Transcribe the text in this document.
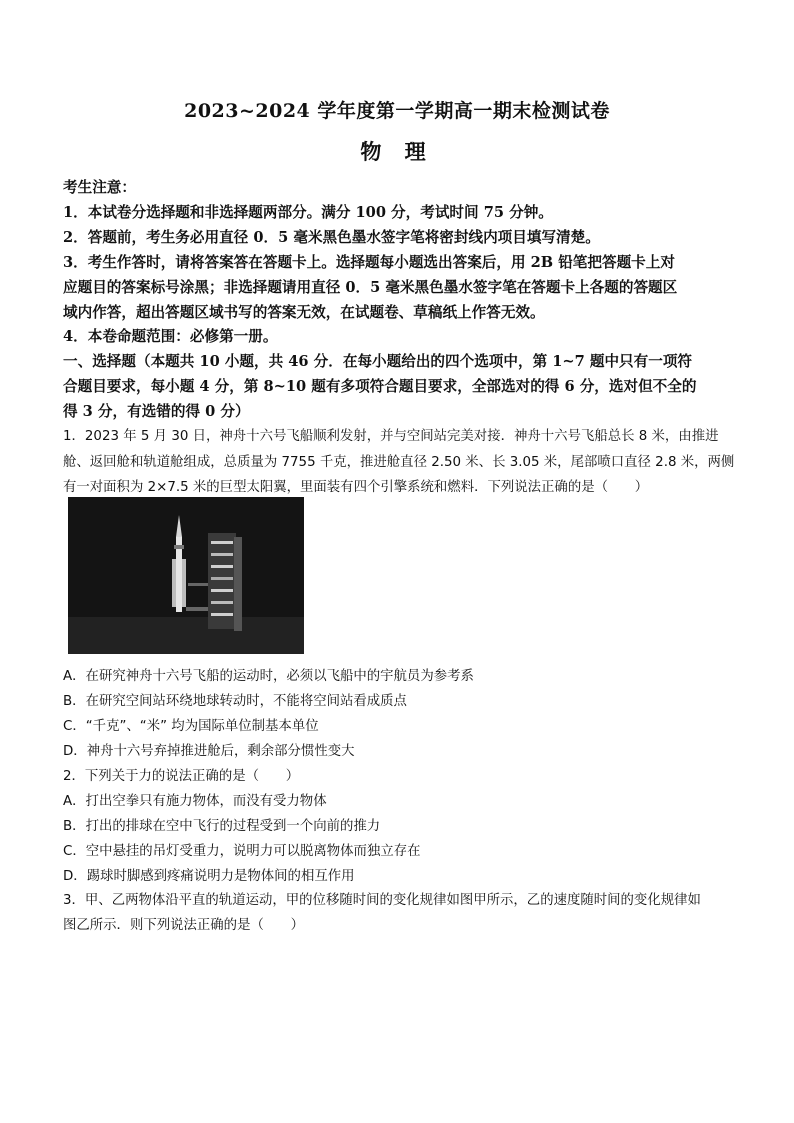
2023~2024 学年度第一学期高一期末检测试卷
物 理
考生注意：
1．本试卷分选择题和非选择题两部分。满分 100 分，考试时间 75 分钟。
2．答题前，考生务必用直径 0．5 毫米黑色墨水签字笔将密封线内项目填写清楚。
3．考生作答时，请将答案答在答题卡上。选择题每小题选出答案后，用 2B 铅笔把答题卡上对
应题目的答案标号涂黑；非选择题请用直径 0．5 毫米黑色墨水签字笔在答题卡上各题的答题区
域内作答，超出答题区域书写的答案无效，在试题卷、草稿纸上作答无效。
4．本卷命题范围：必修第一册。
一、选择题（本题共 10 小题，共 46 分．在每小题给出的四个选项中，第 1~7 题中只有一项符
合题目要求，每小题 4 分，第 8~10 题有多项符合题目要求，全部选对的得 6 分，选对但不全的
得 3 分，有选错的得 0 分）
1．2023 年 5 月 30 日，神舟十六号飞船顺利发射，并与空间站完美对接．神舟十六号飞船总长 8 米，由推进
舱、返回舱和轨道舱组成，总质量为 7755 千克，推进舱直径 2.50 米、长 3.05 米，尾部喷口直径 2.8 米，两侧
有一对面积为 2×7.5 米的巨型太阳翼，里面装有四个引擎系统和燃料．下列说法正确的是（　　）
A．在研究神舟十六号飞船的运动时，必须以飞船中的宇航员为参考系
B．在研究空间站环绕地球转动时，不能将空间站看成质点
C．“千克”、“米” 均为国际单位制基本单位
D．神舟十六号弃掉推进舱后，剩余部分惯性变大
2．下列关于力的说法正确的是（　　）
A．打出空拳只有施力物体，而没有受力物体
B．打出的排球在空中飞行的过程受到一个向前的推力
C．空中悬挂的吊灯受重力，说明力可以脱离物体而独立存在
D．踢球时脚感到疼痛说明力是物体间的相互作用
3．甲、乙两物体沿平直的轨道运动，甲的位移随时间的变化规律如图甲所示，乙的速度随时间的变化规律如
图乙所示．则下列说法正确的是（　　）
